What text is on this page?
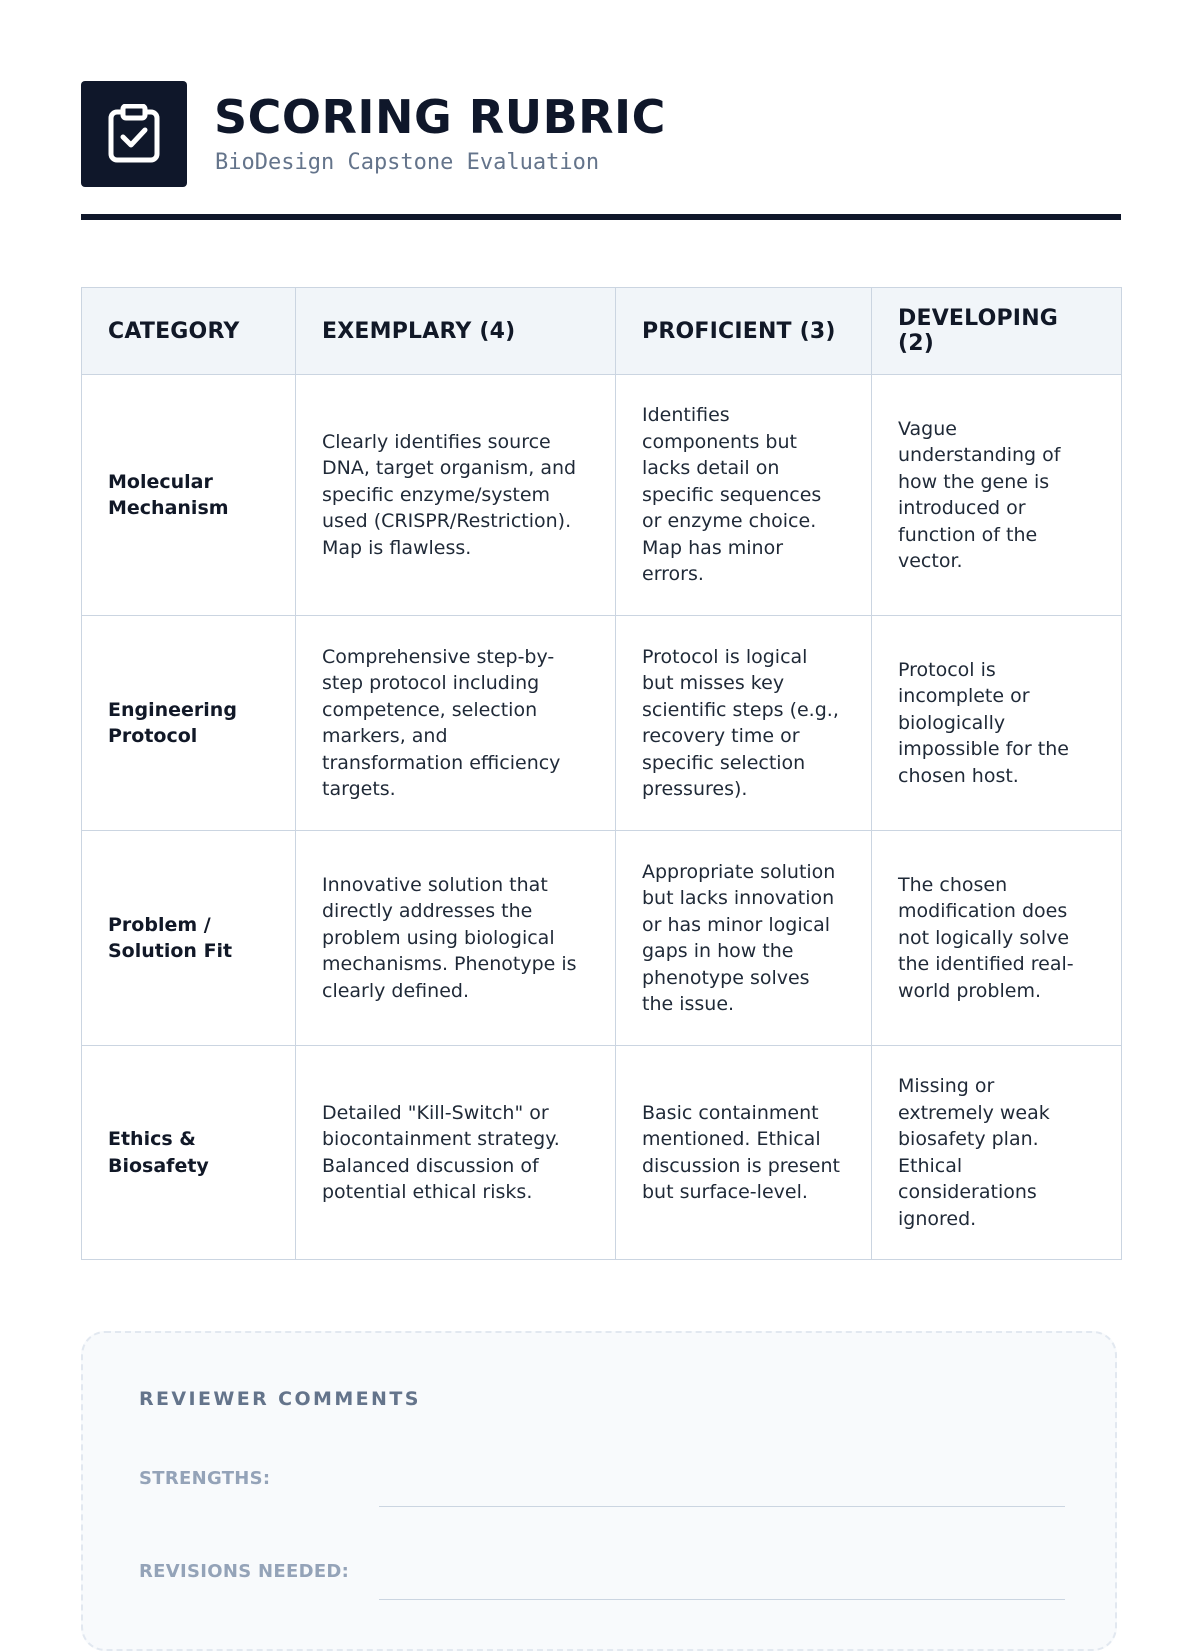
SCORING RUBRIC
BioDesign Capstone Evaluation
CATEGORY	EXEMPLARY (4)	PROFICIENT (3)	DEVELOPING (2)
Molecular Mechanism	Clearly identifies source DNA, target organism, and specific enzyme/system used (CRISPR/Restriction). Map is flawless.	Identifies components but lacks detail on specific sequences or enzyme choice. Map has minor errors.	Vague understanding of how the gene is introduced or function of the vector.
Engineering Protocol	Comprehensive step-by-step protocol including competence, selection markers, and transformation efficiency targets.	Protocol is logical but misses key scientific steps (e.g., recovery time or specific selection pressures).	Protocol is incomplete or biologically impossible for the chosen host.
Problem / Solution Fit	Innovative solution that directly addresses the problem using biological mechanisms. Phenotype is clearly defined.	Appropriate solution but lacks innovation or has minor logical gaps in how the phenotype solves the issue.	The chosen modification does not logically solve the identified real-world problem.
Ethics & Biosafety	Detailed "Kill-Switch" or biocontainment strategy. Balanced discussion of potential ethical risks.	Basic containment mentioned. Ethical discussion is present but surface-level.	Missing or extremely weak biosafety plan. Ethical considerations ignored.
REVIEWER COMMENTS
STRENGTHS:
REVISIONS NEEDED:
